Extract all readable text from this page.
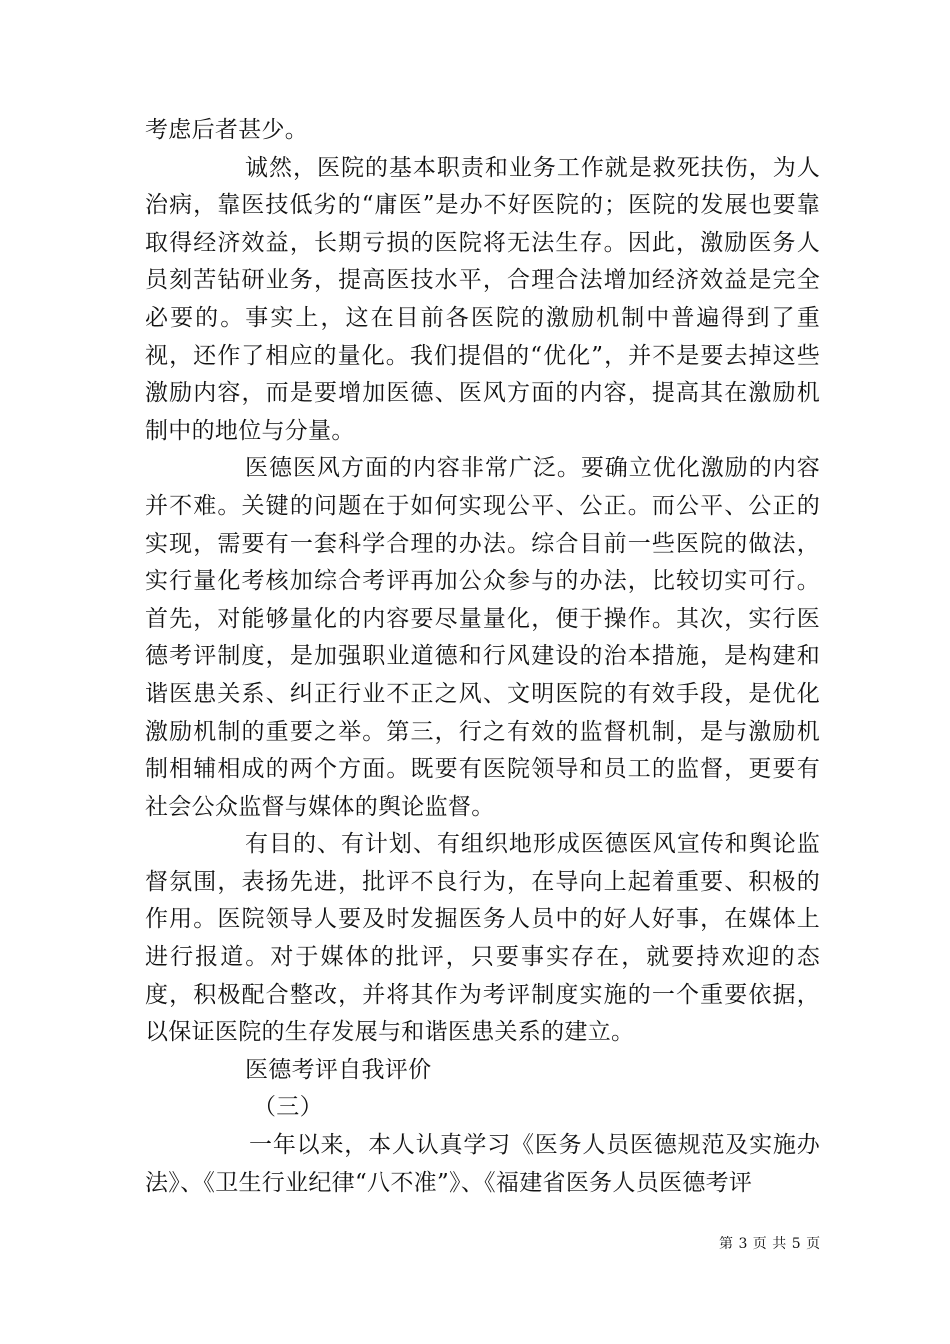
考虑后者甚少。

诚然，医院的基本职责和业务工作就是救死扶伤，为人治病，靠医技低劣的“庸医”是办不好医院的；医院的发展也要靠取得经济效益，长期亏损的医院将无法生存。因此，激励医务人员刻苦钻研业务，提高医技水平，合理合法增加经济效益是完全必要的。事实上，这在目前各医院的激励机制中普遍得到了重视，还作了相应的量化。我们提倡的“优化”，并不是要去掉这些激励内容，而是要增加医德、医风方面的内容，提高其在激励机制中的地位与分量。

医德医风方面的内容非常广泛。要确立优化激励的内容并不难。关键的问题在于如何实现公平、公正。而公平、公正的实现，需要有一套科学合理的办法。综合目前一些医院的做法，实行量化考核加综合考评再加公众参与的办法，比较切实可行。首先，对能够量化的内容要尽量量化，便于操作。其次，实行医德考评制度，是加强职业道德和行风建设的治本措施，是构建和谐医患关系、纠正行业不正之风、文明医院的有效手段，是优化激励机制的重要之举。第三，行之有效的监督机制，是与激励机制相辅相成的两个方面。既要有医院领导和员工的监督，更要有社会公众监督与媒体的舆论监督。

有目的、有计划、有组织地形成医德医风宣传和舆论监督氛围，表扬先进，批评不良行为，在导向上起着重要、积极的作用。医院领导人要及时发掘医务人员中的好人好事，在媒体上进行报道。对于媒体的批评，只要事实存在，就要持欢迎的态度，积极配合整改，并将其作为考评制度实施的一个重要依据，以保证医院的生存发展与和谐医患关系的建立。

医德考评自我评价

（三）

一年以来，本人认真学习《医务人员医德规范及实施办法》、《卫生行业纪律“八不准”》、《福建省医务人员医德考评

第 3 页 共 5 页
